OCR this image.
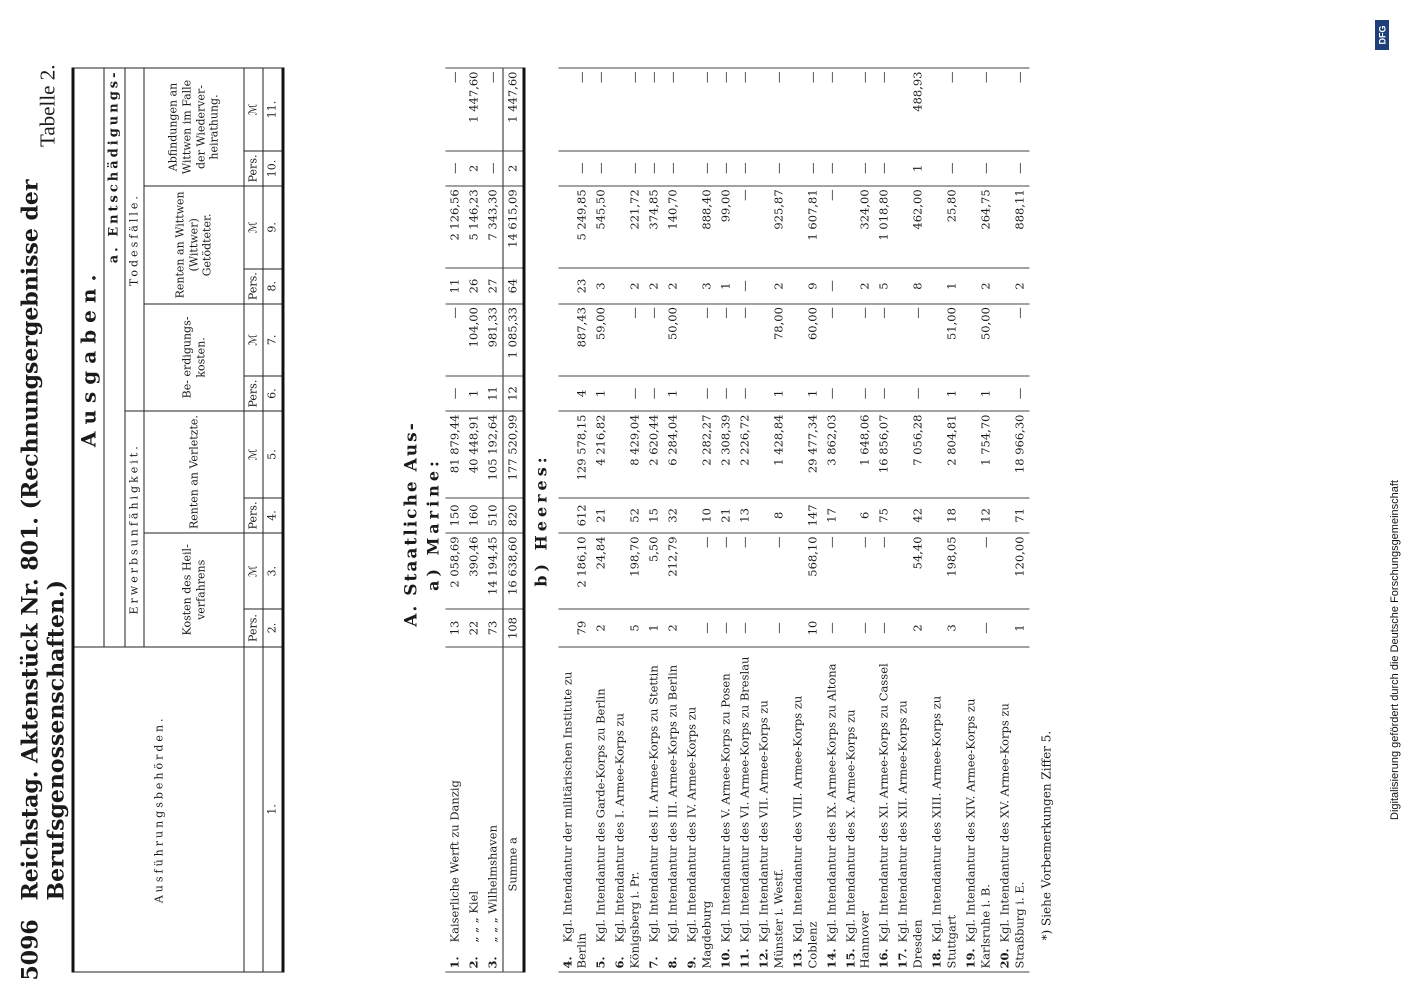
5096
Reichstag. Aktenstück Nr. 801. (Rechnungsergebnisse der Berufsgenossenschaften.)
Tabelle 2.
Ausführungsbehörden.	Ausgaben.									
	a. Entschädigungs-									
	Erwerbsunfähigkeit.				Todesfälle.					
	Kosten des Heil- verfahrens		Renten an Verletzte.		Be- erdigungs- kosten.		Renten an Wittwen (Wittwer) Getödteter.		Abfindungen an Wittwen im Falle der Wiederver- heirathung.	
	Pers.	ℳ	Pers.	ℳ	Pers.	ℳ	Pers.	ℳ	Pers.	ℳ
1.	2.	3.	4.	5.	6.	7.	8.	9.	10.	11.
A. Staatliche Aus- a) Marine:
1.Kaiserliche Werft zu Danzig	13	2 058,69	150	81 879,44	—	—	11	2 126,56	—	—
2.„ „ „ Kiel	22	390,46	160	40 448,91	1	104,00	26	5 146,23	2	1 447,60
3.„ „ „ Wilhelmshaven	73	14 194,45	510	105 192,64	11	981,33	27	7 343,30	—	—
Summe a	108	16 638,60	820	177 520,99	12	1 085,33	64	14 615,09	2	1 447,60
b) Heeres:										
4.Kgl. Intendantur der militärischen Institute zu Berlin	79	2 186,10	612	129 578,15	4	887,43	23	5 249,85	—	—
5.Kgl. Intendantur des Garde-Korps zu Berlin	2	24,84	21	4 216,82	1	59,00	3	545,50	—	—
6.Kgl. Intendantur des I. Armee-Korps zu Königsberg i. Pr.	5	198,70	52	8 429,04	—	—	2	221,72	—	—
7.Kgl. Intendantur des II. Armee-Korps zu Stettin	1	5,50	15	2 620,44	—	—	2	374,85	—	—
8.Kgl. Intendantur des III. Armee-Korps zu Berlin	2	212,79	32	6 284,04	1	50,00	2	140,70	—	—
9.Kgl. Intendantur des IV. Armee-Korps zu Magdeburg	—	—	10	2 282,27	—	—	3	888,40	—	—
10.Kgl. Intendantur des V. Armee-Korps zu Posen	—	—	21	2 308,39	—	—	1	99,00	—	—
11.Kgl. Intendantur des VI. Armee-Korps zu Breslau	—	—	13	2 226,72	—	—	—	—	—	—
12.Kgl. Intendantur des VII. Armee-Korps zu Münster i. Westf.	—	—	8	1 428,84	1	78,00	2	925,87	—	—
13.Kgl. Intendantur des VIII. Armee-Korps zu Coblenz	10	568,10	147	29 477,34	1	60,00	9	1 607,81	—	—
14.Kgl. Intendantur des IX. Armee-Korps zu Altona	—	—	17	3 862,03	—	—	—	—	—	—
15.Kgl. Intendantur des X. Armee-Korps zu Hannover	—	—	6	1 648,06	—	—	2	324,00	—	—
16.Kgl. Intendantur des XI. Armee-Korps zu Cassel	—	—	75	16 856,07	—	—	5	1 018,80	—	—
17.Kgl. Intendantur des XII. Armee-Korps zu Dresden	2	54,40	42	7 056,28	—	—	8	462,00	1	488,93
18.Kgl. Intendantur des XIII. Armee-Korps zu Stuttgart	3	198,05	18	2 804,81	1	51,00	1	25,80	—	—
19.Kgl. Intendantur des XIV. Armee-Korps zu Karlsruhe i. B.	—	—	12	1 754,70	1	50,00	2	264,75	—	—
20.Kgl. Intendantur des XV. Armee-Korps zu Straßburg i. E.	1	120,00	71	18 966,30	—	—	2	888,11	—	—
*) Siehe Vorbemerkungen Ziffer 5.
DFG
Digitalisierung gefördert durch die Deutsche Forschungsgemeinschaft
